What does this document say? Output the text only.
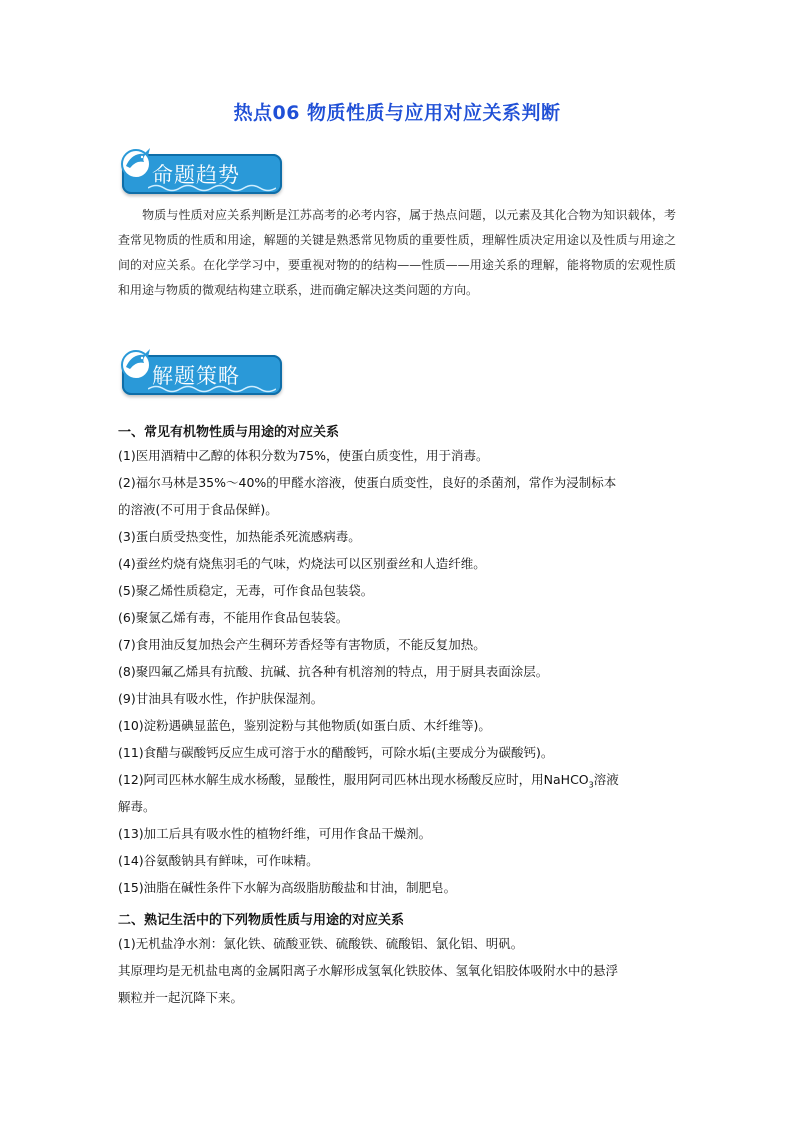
热点06 物质性质与应用对应关系判断
命题趋势
物质与性质对应关系判断是江苏高考的必考内容，属于热点问题，以元素及其化合物为知识载体，考查常见物质的性质和用途，解题的关键是熟悉常见物质的重要性质，理解性质决定用途以及性质与用途之间的对应关系。在化学学习中，要重视对物的的结构——性质——用途关系的理解，能将物质的宏观性质和用途与物质的微观结构建立联系，进而确定解决这类问题的方向。
解题策略
一、常见有机物性质与用途的对应关系
(1)医用酒精中乙醇的体积分数为75%，使蛋白质变性，用于消毒。
(2)福尔马林是35%～40%的甲醛水溶液，使蛋白质变性，良好的杀菌剂，常作为浸制标本
的溶液(不可用于食品保鲜)。
(3)蛋白质受热变性，加热能杀死流感病毒。
(4)蚕丝灼烧有烧焦羽毛的气味，灼烧法可以区别蚕丝和人造纤维。
(5)聚乙烯性质稳定，无毒，可作食品包装袋。
(6)聚氯乙烯有毒，不能用作食品包装袋。
(7)食用油反复加热会产生稠环芳香烃等有害物质，不能反复加热。
(8)聚四氟乙烯具有抗酸、抗碱、抗各种有机溶剂的特点，用于厨具表面涂层。
(9)甘油具有吸水性，作护肤保湿剂。
(10)淀粉遇碘显蓝色，鉴别淀粉与其他物质(如蛋白质、木纤维等)。
(11)食醋与碳酸钙反应生成可溶于水的醋酸钙，可除水垢(主要成分为碳酸钙)。
(12)阿司匹林水解生成水杨酸，显酸性，服用阿司匹林出现水杨酸反应时，用NaHCO$_3$溶液
解毒。
(13)加工后具有吸水性的植物纤维，可用作食品干燥剂。
(14)谷氨酸钠具有鲜味，可作味精。
(15)油脂在碱性条件下水解为高级脂肪酸盐和甘油，制肥皂。
二、熟记生活中的下列物质性质与用途的对应关系
(1)无机盐净水剂：氯化铁、硫酸亚铁、硫酸铁、硫酸铝、氯化铝、明矾。
其原理均是无机盐电离的金属阳离子水解形成氢氧化铁胶体、氢氧化铝胶体吸附水中的悬浮
颗粒并一起沉降下来。
